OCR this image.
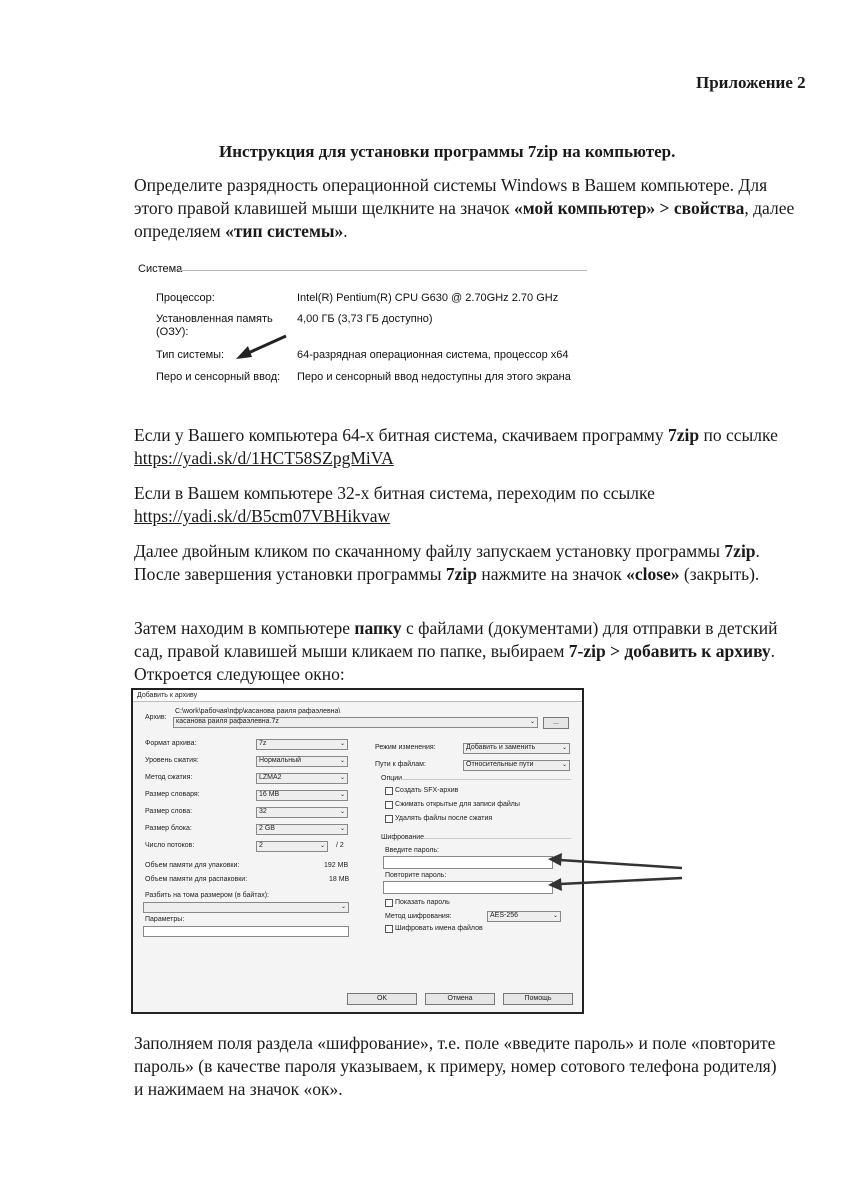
Приложение 2
Инструкция для установки программы 7zip на компьютер.
Определите разрядность операционной системы Windows в Вашем компьютере. Для этого правой клавишей мыши щелкните на значок «мой компьютер» > свойства, далее определяем «тип системы».
Система
Процессор:	Intel(R) Pentium(R) CPU G630 @ 2.70GHz 2.70 GHz
Установленная память (ОЗУ):
4,00 ГБ (3,73 ГБ доступно)
Тип системы:	64-разрядная операционная система, процессор x64
Перо и сенсорный ввод: Перо и сенсорный ввод недоступны для этого экрана
Если у Вашего компьютера 64-х битная система, скачиваем программу 7zip по ссылке https://yadi.sk/d/1HCT58SZpgMiVA
Если в Вашем компьютере 32-х битная система, переходим по ссылке https://yadi.sk/d/B5cm07VBHikvaw
Далее двойным кликом по скачанному файлу запускаем установку программы 7zip. После завершения установки программы 7zip нажмите на значок «close» (закрыть).
Затем находим в компьютере папку с файлами (документами) для отправки в детский сад, правой клавишей мыши кликаем по папке, выбираем 7-zip > добавить к архиву. Откроется следующее окно:
Добавить к архиву
Архив:
C:\work\рабочая\пфр\касанова раиля рафаэлевна\
касанова раиля рафаэлевна.7z	⌄	...
Формат архива:	7z	⌄
Уровень сжатия:	Нормальный	⌄
Метод сжатия:	LZMA2	⌄
Размер словаря:	16 MB	⌄
Размер слова:	32	⌄
Размер блока:	2 GB	⌄
Число потоков:	2	⌄ / 2
Объем памяти для упаковки:	192 MB
Объем памяти для распаковки:	18 MB
Разбить на тома размером (в байтах):
⌄
Параметры:
Режим изменения:	Добавить и заменить	⌄
Пути к файлам:	Относительные пути	⌄
Опции
Создать SFX-архив
Сжимать открытые для записи файлы
Удалять файлы после сжатия
Шифрование
Введите пароль:
Повторите пароль:
Показать пароль
Метод шифрования:	AES-256	⌄
Шифровать имена файлов
OK	Отмена	Помощь
Заполняем поля раздела «шифрование», т.е. поле «введите пароль» и поле «повторите пароль» (в качестве пароля указываем, к примеру, номер сотового телефона родителя) и нажимаем на значок «ок».
